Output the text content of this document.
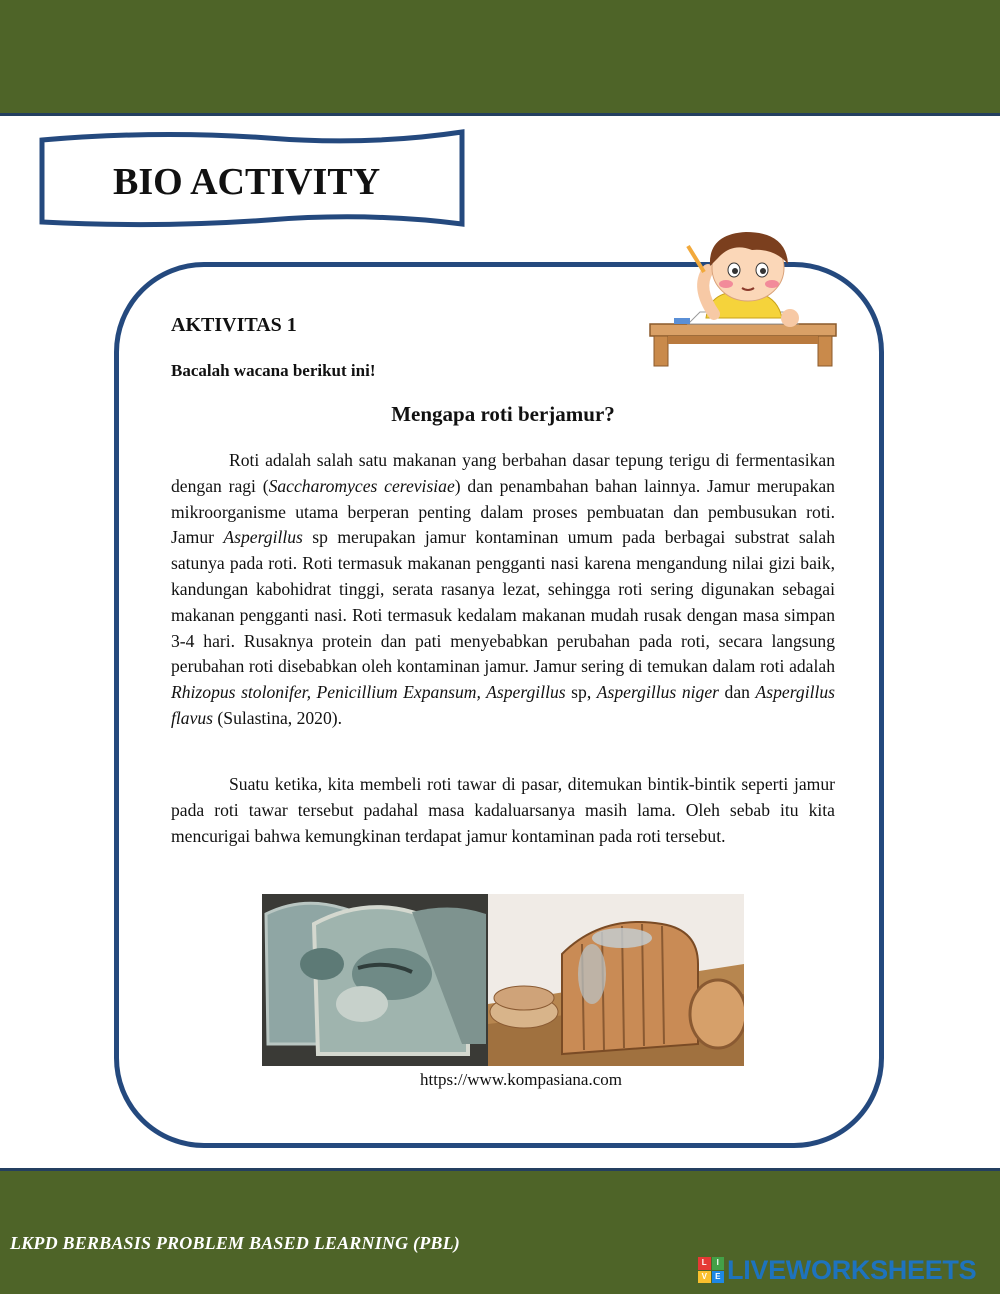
BIO ACTIVITY
AKTIVITAS 1
Bacalah wacana berikut ini!
Mengapa roti berjamur?

Roti adalah salah satu makanan yang berbahan dasar tepung terigu di fermentasikan dengan ragi (Saccharomyces cerevisiae) dan penambahan bahan lainnya. Jamur merupakan mikroorganisme utama berperan penting dalam proses pembuatan dan pembusukan roti. Jamur Aspergillus sp merupakan jamur kontaminan umum pada berbagai substrat salah satunya pada roti. Roti termasuk makanan pengganti nasi karena mengandung nilai gizi baik, kandungan kabohidrat tinggi, serata rasanya lezat, sehingga roti sering digunakan sebagai makanan pengganti nasi. Roti termasuk kedalam makanan mudah rusak dengan masa simpan 3-4 hari. Rusaknya protein dan pati menyebabkan perubahan pada roti, secara langsung perubahan roti disebabkan oleh kontaminan jamur. Jamur sering di temukan dalam roti adalah Rhizopus stolonifer, Penicillium Expansum, Aspergillus sp, Aspergillus niger dan Aspergillus flavus (Sulastina, 2020).

Suatu ketika, kita membeli roti tawar di pasar, ditemukan bintik-bintik seperti jamur pada roti tawar tersebut padahal masa kadaluarsanya masih lama. Oleh sebab itu kita mencurigai bahwa kemungkinan terdapat jamur kontaminan pada roti tersebut.

https://www.kompasiana.com
LKPD BERBASIS PROBLEM BASED LEARNING (PBL)
L	I
V	E LIVEWORKSHEETS
